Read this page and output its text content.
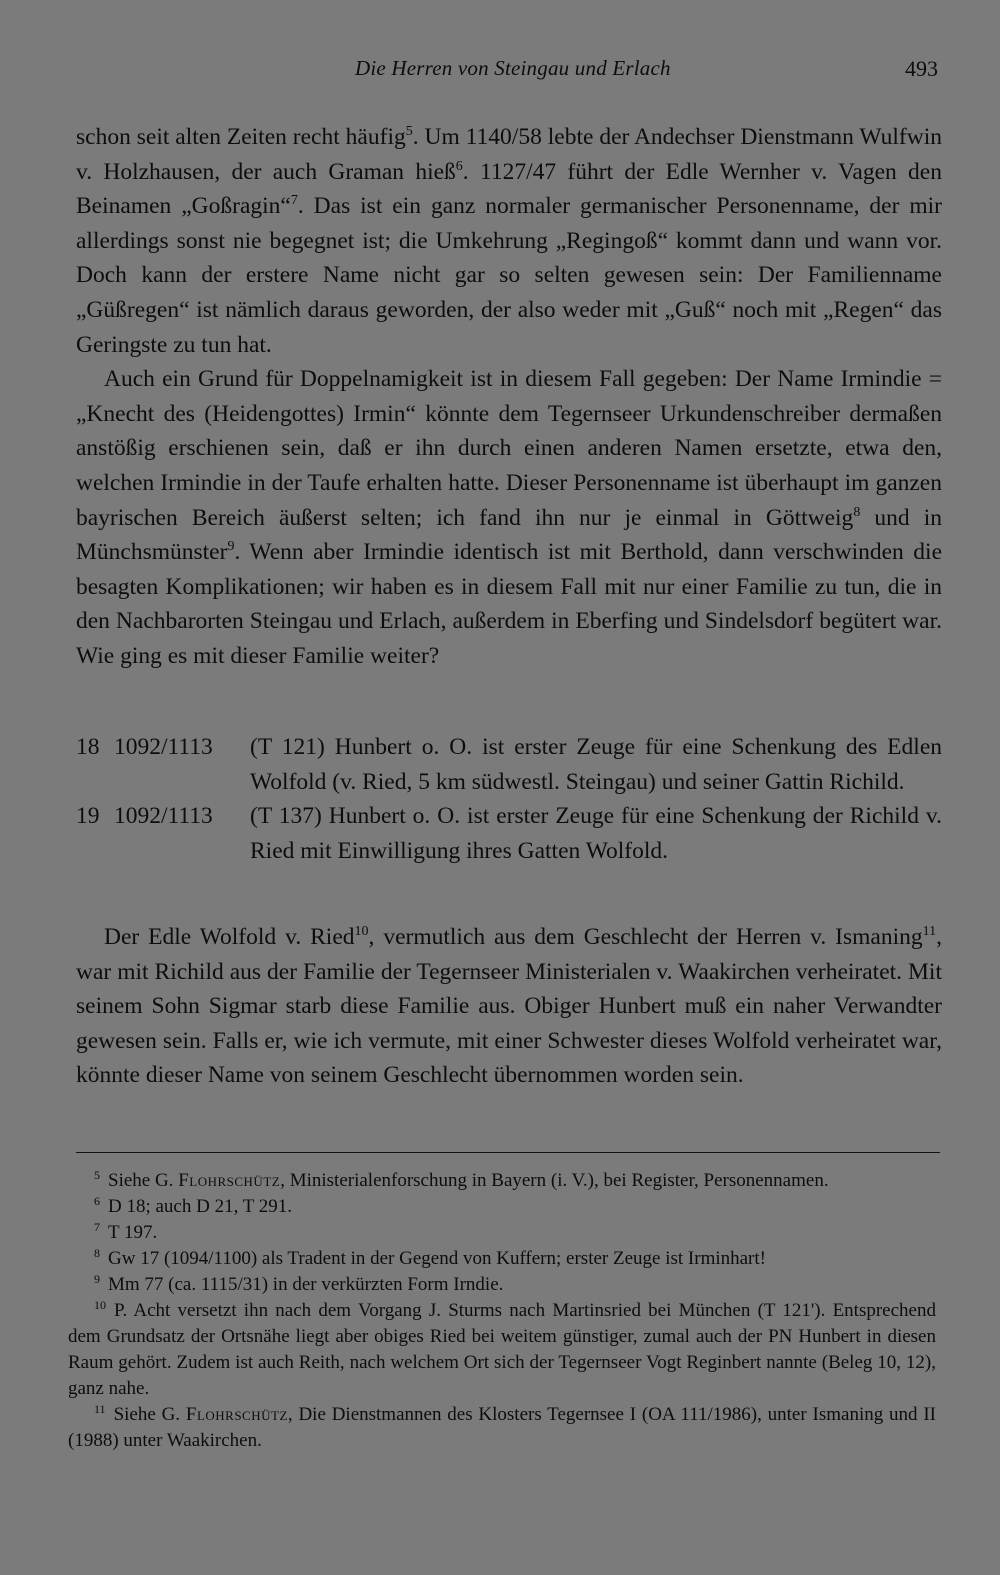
Die Herren von Steingau und Erlach	493

schon seit alten Zeiten recht häufig$^5$. Um 1140/58 lebte der Andechser Dienstmann Wulfwin v. Holzhausen, der auch Graman hieß$^6$. 1127/47 führt der Edle Wernher v. Vagen den Beinamen „Goßragin“$^7$. Das ist ein ganz normaler germanischer Personenname, der mir allerdings sonst nie begegnet ist; die Umkehrung „Regingoß“ kommt dann und wann vor. Doch kann der erstere Name nicht gar so selten gewesen sein: Der Familienname „Güßregen“ ist nämlich daraus geworden, der also weder mit „Guß“ noch mit „Regen“ das Geringste zu tun hat.

Auch ein Grund für Doppelnamigkeit ist in diesem Fall gegeben: Der Name Irmindie = „Knecht des (Heidengottes) Irmin“ könnte dem Tegernseer Urkundenschreiber dermaßen anstößig erschienen sein, daß er ihn durch einen anderen Namen ersetzte, etwa den, welchen Irmindie in der Taufe erhalten hatte. Dieser Personenname ist überhaupt im ganzen bayrischen Bereich äußerst selten; ich fand ihn nur je einmal in Göttweig$^8$ und in Münchsmünster$^9$. Wenn aber Irmindie identisch ist mit Berthold, dann verschwinden die besagten Komplikationen; wir haben es in diesem Fall mit nur einer Familie zu tun, die in den Nachbarorten Steingau und Erlach, außerdem in Eberfing und Sindelsdorf begütert war. Wie ging es mit dieser Familie weiter?

18 1092/1113	(T 121) Hunbert o. O. ist erster Zeuge für eine Schenkung des Edlen Wolfold (v. Ried, 5 km südwestl. Steingau) und seiner Gattin Richild.
19 1092/1113	(T 137) Hunbert o. O. ist erster Zeuge für eine Schenkung der Richild v. Ried mit Einwilligung ihres Gatten Wolfold.

Der Edle Wolfold v. Ried$^{10}$, vermutlich aus dem Geschlecht der Herren v. Ismaning$^{11}$, war mit Richild aus der Familie der Tegernseer Ministerialen v. Waakirchen verheiratet. Mit seinem Sohn Sigmar starb diese Familie aus. Obiger Hunbert muß ein naher Verwandter gewesen sein. Falls er, wie ich vermute, mit einer Schwester dieses Wolfold verheiratet war, könnte dieser Name von seinem Geschlecht übernommen worden sein.

$^5$ Siehe G. Flohrschütz, Ministerialenforschung in Bayern (i. V.), bei Register, Personennamen.

$^6$ D 18; auch D 21, T 291.

$^7$ T 197.

$^8$ Gw 17 (1094/1100) als Tradent in der Gegend von Kuffern; erster Zeuge ist Irminhart!

$^9$ Mm 77 (ca. 1115/31) in der verkürzten Form Irndie.

$^{10}$ P. Acht versetzt ihn nach dem Vorgang J. Sturms nach Martinsried bei München (T 121'). Entsprechend dem Grundsatz der Ortsnähe liegt aber obiges Ried bei weitem günstiger, zumal auch der PN Hunbert in diesen Raum gehört. Zudem ist auch Reith, nach welchem Ort sich der Tegernseer Vogt Reginbert nannte (Beleg 10, 12), ganz nahe.

$^{11}$ Siehe G. Flohrschütz, Die Dienstmannen des Klosters Tegernsee I (OA 111/1986), unter Ismaning und II (1988) unter Waakirchen.
